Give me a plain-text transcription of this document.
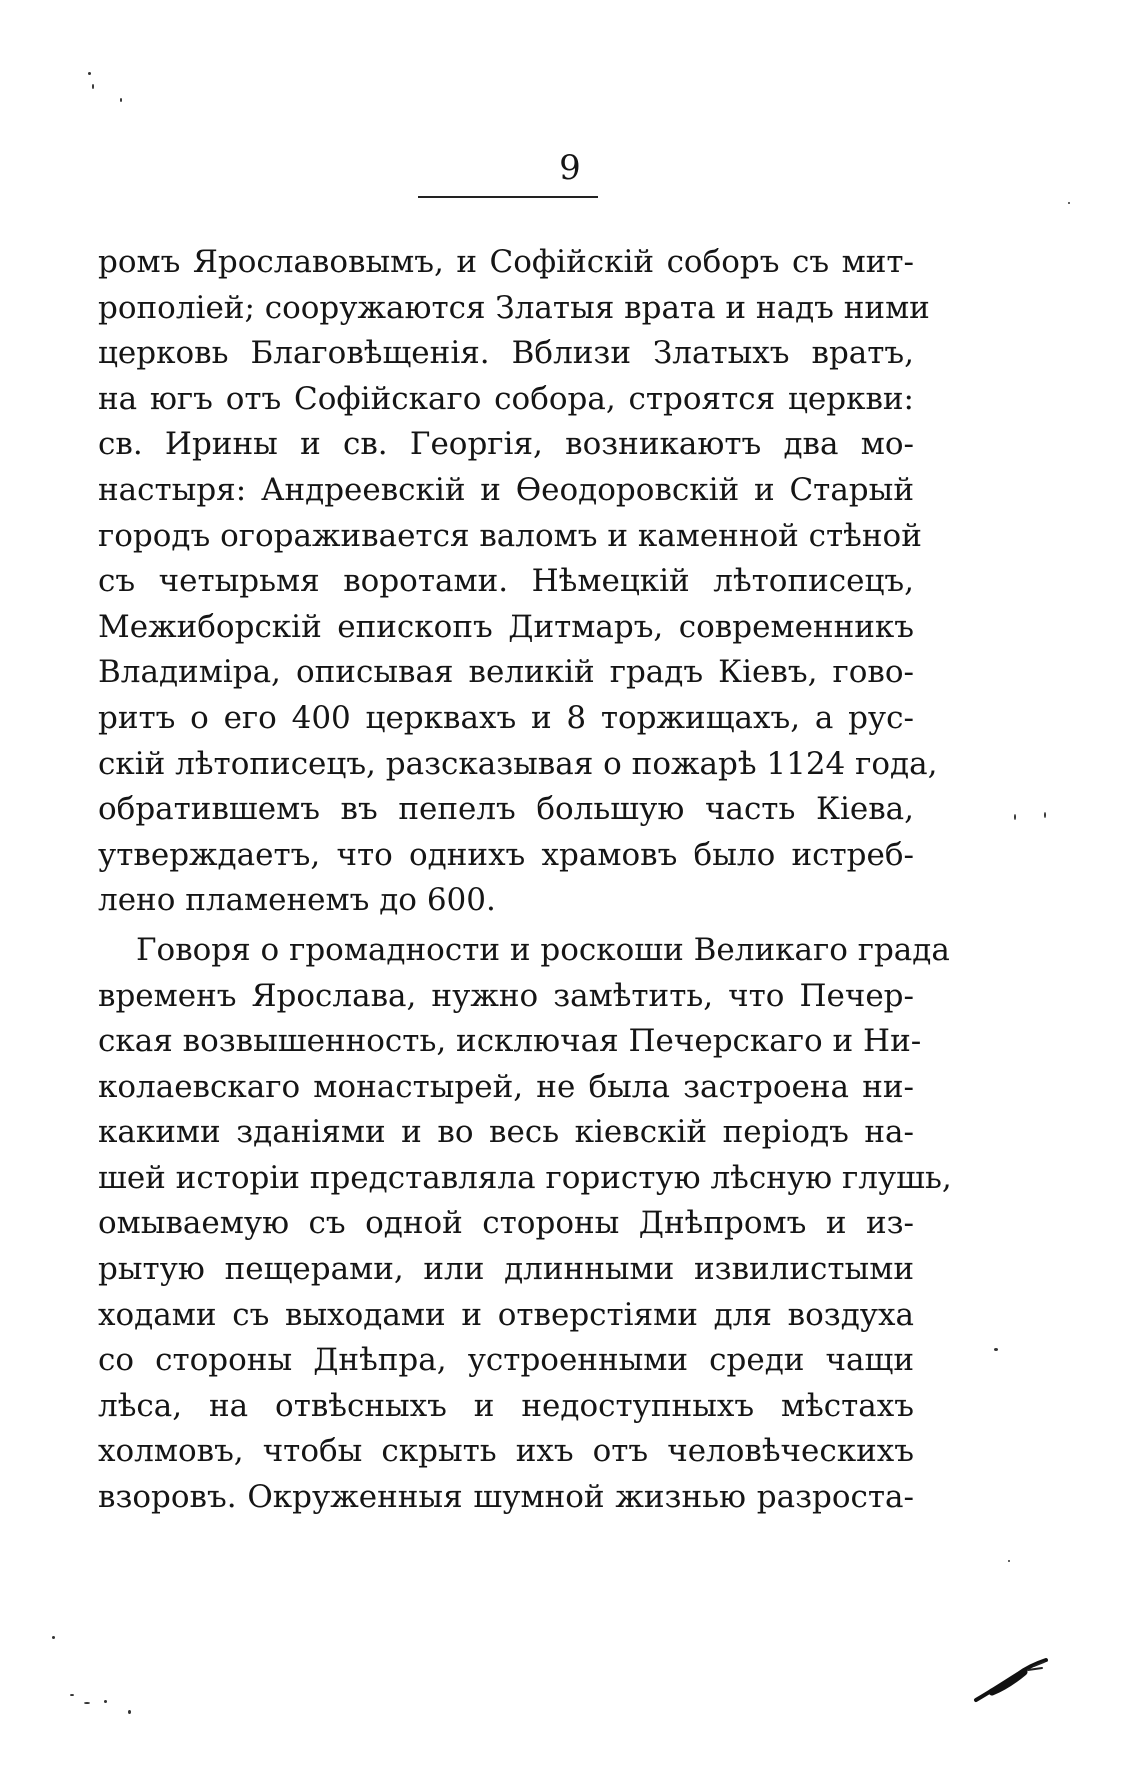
9
ромъ Ярославовымъ, и Софійскій соборъ съ мит-
рополіей; сооружаются Златыя врата и надъ ними
церковь Благовѣщенія. Вблизи Златыхъ вратъ,
на югъ отъ Софійскаго собора, строятся церкви:
св. Ирины и св. Георгія, возникаютъ два мо-
настыря: Андреевскій и Ѳеодоровскій и Старый
городъ огораживается валомъ и каменной стѣной
съ четырьмя воротами. Нѣмецкій лѣтописецъ,
Межиборскій епископъ Дитмаръ, современникъ
Владиміра, описывая великій градъ Кіевъ, гово-
ритъ о его 400 церквахъ и 8 торжищахъ, а рус-
скій лѣтописецъ, разсказывая о пожарѣ 1124 года,
обратившемъ въ пепелъ большую часть Кіева,
утверждаетъ, что однихъ храмовъ было истреб-
лено пламенемъ до 600.
Говоря о громадности и роскоши Великаго града
временъ Ярослава, нужно замѣтить, что Печер-
ская возвышенность, исключая Печерскаго и Ни-
колаевскаго монастырей, не была застроена ни-
какими зданіями и во весь кіевскій періодъ на-
шей исторіи представляла гористую лѣсную глушь,
омываемую съ одной стороны Днѣпромъ и из-
рытую пещерами, или длинными извилистыми
ходами съ выходами и отверстіями для воздуха
со стороны Днѣпра, устроенными среди чащи
лѣса, на отвѣсныхъ и недоступныхъ мѣстахъ
холмовъ, чтобы скрыть ихъ отъ человѣческихъ
взоровъ. Окруженныя шумной жизнью разроста-
